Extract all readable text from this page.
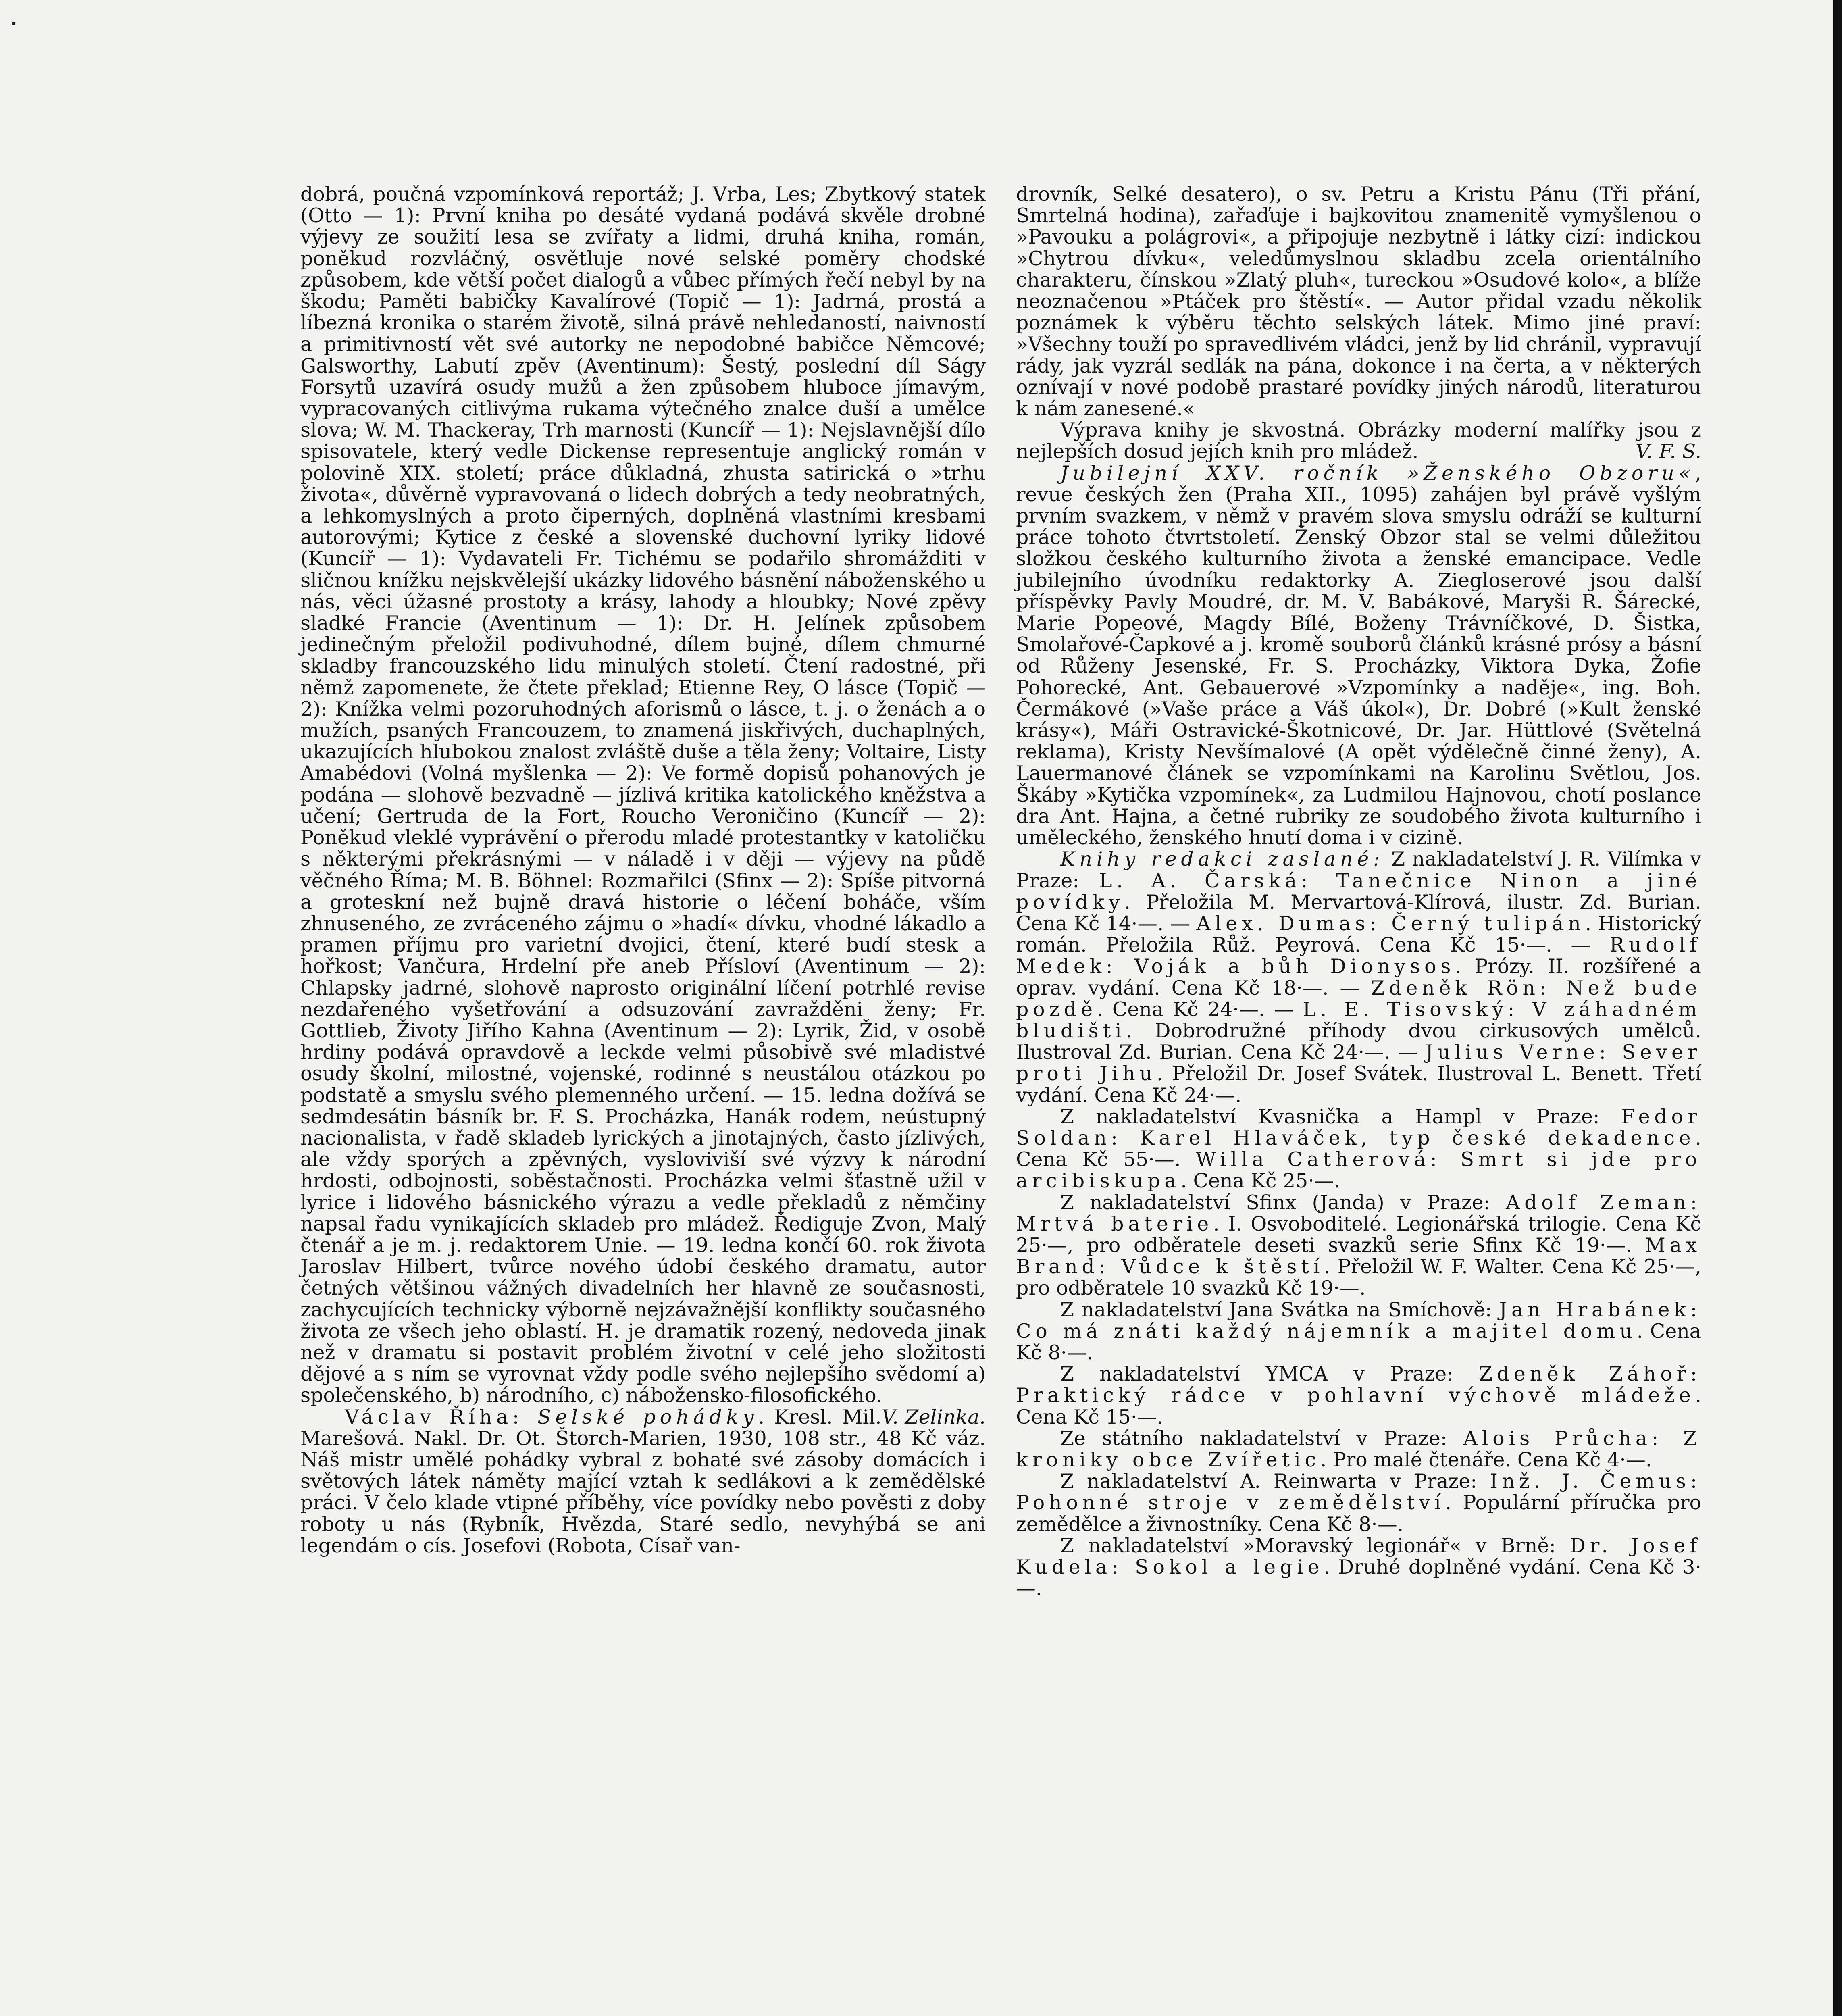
dobrá, poučná vzpomínková reportáž; J. Vrba, Les; Zbytkový statek (Otto — 1): První kniha po desáté vydaná podává skvěle drobné výjevy ze soužití lesa se zvířaty a lidmi, druhá kniha, román, poněkud rozvláčný, osvětluje nové selské poměry chodské způsobem, kde větší počet dialogů a vůbec přímých řečí nebyl by na škodu; Paměti babičky Kavalírové (Topič — 1): Jadrná, prostá a líbezná kronika o starém životě, silná právě nehledaností, naivností a primitivností vět své autorky ne nepodobné babičce Němcové; Galsworthy, Labutí zpěv (Aventinum): Šestý, poslední díl Ságy Forsytů uzavírá osudy mužů a žen způsobem hluboce jímavým, vypracovaných citlivýma rukama výtečného znalce duší a umělce slova; W. M. Thackeray, Trh marnosti (Kuncíř — 1): Nejslavnější dílo spisovatele, který vedle Dickense representuje anglický román v polovině XIX. století; práce důkladná, zhusta satirická o »trhu života«, důvěrně vypravovaná o lidech dobrých a tedy neobratných, a lehkomyslných a proto čiperných, doplněná vlastními kresbami autorovými; Kytice z české a slovenské duchovní lyriky lidové (Kuncíř — 1): Vydavateli Fr. Tichému se podařilo shromážditi v sličnou knížku nejskvělejší ukázky lidového básnění náboženského u nás, věci úžasné prostoty a krásy, lahody a hloubky; Nové zpěvy sladké Francie (Aventinum — 1): Dr. H. Jelínek způsobem jedinečným přeložil podivuhodné, dílem bujné, dílem chmurné skladby francouzského lidu minulých století. Čtení radostné, při němž zapomenete, že čtete překlad; Etienne Rey, O lásce (Topič — 2): Knížka velmi pozoruhodných aforismů o lásce, t. j. o ženách a o mužích, psaných Francouzem, to znamená jiskřivých, duchaplných, ukazujících hlubokou znalost zvláště duše a těla ženy; Voltaire, Listy Amabédovi (Volná myšlenka — 2): Ve formě dopisů pohanových je podána — slohově bezvadně — jízlivá kritika katolického kněžstva a učení; Gertruda de la Fort, Roucho Veroničino (Kuncíř — 2): Poněkud vleklé vyprávění o přerodu mladé protestantky v katoličku s některými překrásnými — v náladě i v ději — výjevy na půdě věčného Říma; M. B. Böhnel: Rozmařilci (Sfinx — 2): Spíše pitvorná a groteskní než bujně dravá historie o léčení boháče, vším zhnuseného, ze zvráceného zájmu o »hadí« dívku, vhodné lákadlo a pramen příjmu pro varietní dvojici, čtení, které budí stesk a hořkost; Vančura, Hrdelní pře aneb Přísloví (Aventinum — 2): Chlapsky jadrné, slohově naprosto originální líčení potrhlé revise nezdařeného vyšetřování a odsuzování zavražděni ženy; Fr. Gottlieb, Životy Jiřího Kahna (Aventinum — 2): Lyrik, Žid, v osobě hrdiny podává opravdově a leckde velmi působivě své mladistvé osudy školní, milostné, vojenské, rodinné s neustálou otázkou po podstatě a smyslu svého plemenného určení. — 15. ledna dožívá se sedmdesátin básník br. F. S. Procházka, Hanák rodem, neústupný nacionalista, v řadě skladeb lyrických a jinotajných, často jízlivých, ale vždy sporých a zpěvných, vysloviviší své výzvy k národní hrdosti, odbojnosti, soběstačnosti. Procházka velmi šťastně užil v lyrice i lidového básnického výrazu a vedle překladů z němčiny napsal řadu vynikajících skladeb pro mládež. Řediguje Zvon, Malý čtenář a je m. j. redaktorem Unie. — 19. ledna končí 60. rok života Jaroslav Hilbert, tvůrce nového údobí českého dramatu, autor četných většinou vážných divadelních her hlavně ze současnosti, zachycujících technicky výborně nejzávažnější konflikty současného života ze všech jeho oblastí. H. je dramatik rozený, nedoveda jinak než v dramatu si postavit problém životní v celé jeho složitosti dějové a s ním se vyrovnat vždy podle svého nejlepšího svědomí a) společenského, b) národního, c) nábožensko-filosofického.

V. Zelinka.

Václav Říha: Selské pohádky. Kresl. Mil. Marešová. Nakl. Dr. Ot. Štorch-Marien, 1930, 108 str., 48 Kč váz. Náš mistr umělé pohádky vybral z bohaté své zásoby domácích i světových látek náměty mající vztah k sedlákovi a k zemědělské práci. V čelo klade vtipné příběhy, více povídky nebo pověsti z doby roboty u nás (Rybník, Hvězda, Staré sedlo, nevyhýbá se ani legendám o cís. Josefovi (Robota, Císař van-

drovník, Selké desatero), o sv. Petru a Kristu Pánu (Tři přání, Smrtelná hodina), zařaďuje i bajkovitou znamenitě vymyšlenou o »Pavouku a polágrovi«, a připojuje nezbytně i látky cizí: indickou »Chytrou dívku«, veledůmyslnou skladbu zcela orientálního charakteru, čínskou »Zlatý pluh«, tureckou »Osudové kolo«, a blíže neoznačenou »Ptáček pro štěstí«. — Autor přidal vzadu několik poznámek k výběru těchto selských látek. Mimo jiné praví: »Všechny touží po spravedlivém vládci, jenž by lid chránil, vypravují rády, jak vyzrál sedlák na pána, dokonce i na čerta, a v některých oznívají v nové podobě prastaré povídky jiných národů, literaturou k nám zanesené.«

Výprava knihy je skvostná. Obrázky moderní malířky jsou z nejlepších dosud jejích knih pro mládež.	V. F. S.

Jubilejní XXV. ročník »Ženského Obzoru«, revue českých žen (Praha XII., 1095) zahájen byl právě vyšlým prvním svazkem, v němž v pravém slova smyslu odráží se kulturní práce tohoto čtvrtstoletí. Ženský Obzor stal se velmi důležitou složkou českého kulturního života a ženské emancipace. Vedle jubilejního úvodníku redaktorky A. Ziegloserové jsou další příspěvky Pavly Moudré, dr. M. V. Babákové, Maryši R. Šárecké, Marie Popeové, Magdy Bílé, Boženy Trávníčkové, D. Šistka, Smolařové-Čapkové a j. kromě souborů článků krásné prósy a básní od Růženy Jesenské, Fr. S. Procházky, Viktora Dyka, Žofie Pohorecké, Ant. Gebauerové »Vzpomínky a naděje«, ing. Boh. Čermákové (»Vaše práce a Váš úkol«), Dr. Dobré (»Kult ženské krásy«), Máři Ostravické-Škotnicové, Dr. Jar. Hüttlové (Světelná reklama), Kristy Nevšímalové (A opět výdělečně činné ženy), A. Lauermanové článek se vzpomínkami na Karolinu Světlou, Jos. Škáby »Kytička vzpomínek«, za Ludmilou Hajnovou, chotí poslance dra Ant. Hajna, a četné rubriky ze soudobého života kulturního i uměleckého, ženského hnutí doma i v cizině.

Knihy redakci zaslané: Z nakladatelství J. R. Vilímka v Praze: L. A. Čarská: Tanečnice Ninon a jiné povídky. Přeložila M. Mervartová-Klírová, ilustr. Zd. Burian. Cena Kč 14·—. — Alex. Dumas: Černý tulipán. Historický román. Přeložila Růž. Peyrová. Cena Kč 15·—. — Rudolf Medek: Voják a bůh Dionysos. Prózy. II. rozšířené a oprav. vydání. Cena Kč 18·—. — Zdeněk Rön: Než bude pozdě. Cena Kč 24·—. — L. E. Tisovský: V záhadném bludišti. Dobrodružné příhody dvou cirkusových umělců. Ilustroval Zd. Burian. Cena Kč 24·—. — Julius Verne: Sever proti Jihu. Přeložil Dr. Josef Svátek. Ilustroval L. Benett. Třetí vydání. Cena Kč 24·—.

Z nakladatelství Kvasnička a Hampl v Praze: Fedor Soldan: Karel Hlaváček, typ české dekadence. Cena Kč 55·—. Willa Catherová: Smrt si jde pro arcibiskupa. Cena Kč 25·—.

Z nakladatelství Sfinx (Janda) v Praze: Adolf Zeman: Mrtvá baterie. I. Osvoboditelé. Legionářská trilogie. Cena Kč 25·—, pro odběratele deseti svazků serie Sfinx Kč 19·—. Max Brand: Vůdce k štěstí. Přeložil W. F. Walter. Cena Kč 25·—, pro odběratele 10 svazků Kč 19·—.

Z nakladatelství Jana Svátka na Smíchově: Jan Hrabánek: Co má znáti každý nájemník a majitel domu. Cena Kč 8·—.

Z nakladatelství YMCA v Praze: Zdeněk Záhoř: Praktický rádce v pohlavní výchově mládeže. Cena Kč 15·—.

Ze státního nakladatelství v Praze: Alois Průcha: Z kroniky obce Zvířetic. Pro malé čtenáře. Cena Kč 4·—.

Z nakladatelství A. Reinwarta v Praze: Inž. J. Čemus: Pohonné stroje v zemědělství. Populární příručka pro zemědělce a živnostníky. Cena Kč 8·—.

Z nakladatelství »Moravský legionář« v Brně: Dr. Josef Kudela: Sokol a legie. Druhé doplněné vydání. Cena Kč 3·—.
